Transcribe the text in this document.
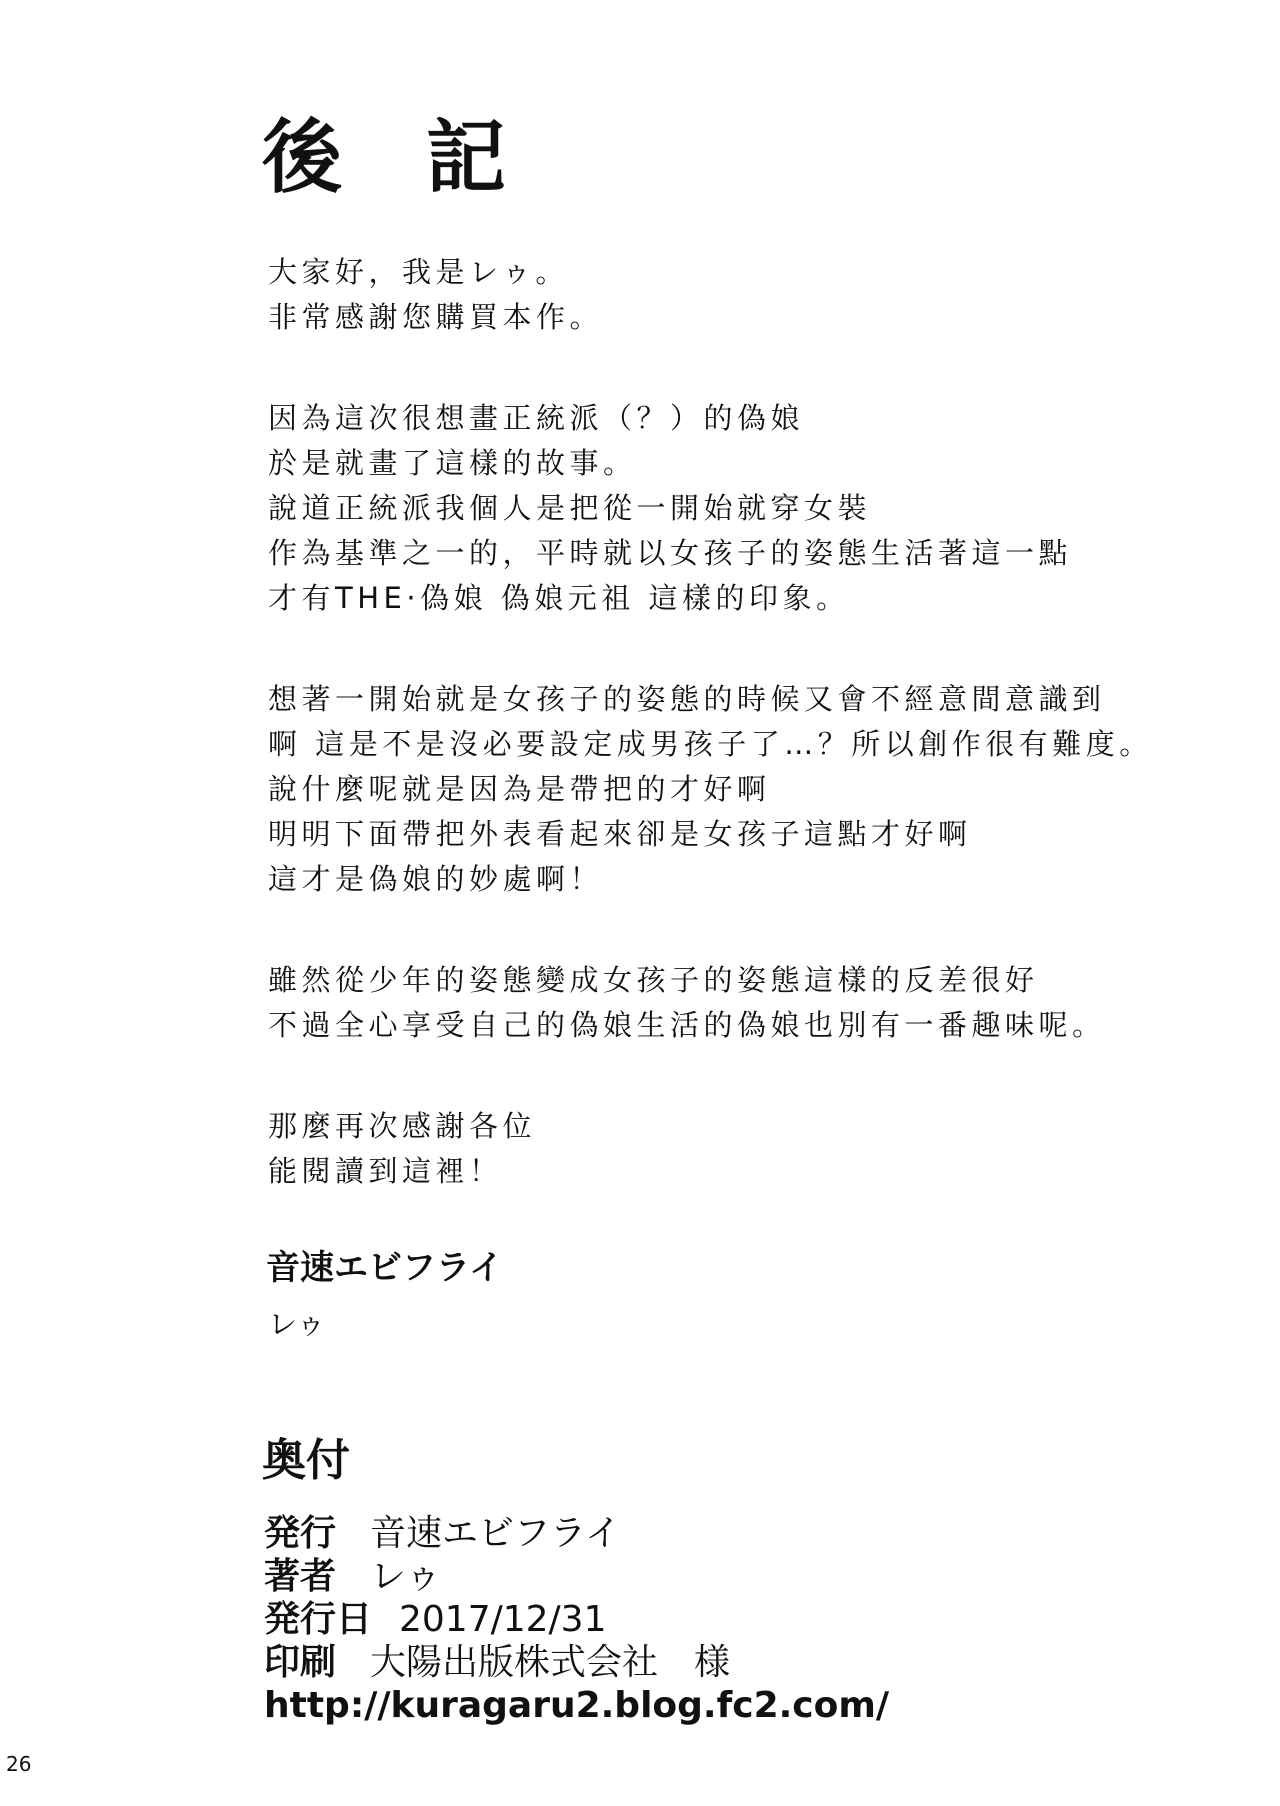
後 記
大家好，我是レゥ。
非常感謝您購買本作。
因為這次很想畫正統派（？）的偽娘
於是就畫了這樣的故事。
說道正統派我個人是把從一開始就穿女裝
作為基準之一的，平時就以女孩子的姿態生活著這一點
才有THE·偽娘 偽娘元祖 這樣的印象。
想著一開始就是女孩子的姿態的時候又會不經意間意識到
啊 這是不是沒必要設定成男孩子了…？所以創作很有難度。
說什麼呢就是因為是帶把的才好啊
明明下面帶把外表看起來卻是女孩子這點才好啊
這才是偽娘的妙處啊！
雖然從少年的姿態變成女孩子的姿態這樣的反差很好
不過全心享受自己的偽娘生活的偽娘也別有一番趣味呢。
那麼再次感謝各位
能閱讀到這裡！
音速エビフライ
レゥ
奥付
発行 音速エビフライ
著者 レゥ
発行日 2017/12/31
印刷 大陽出版株式会社　様
http://kuragaru2.blog.fc2.com/
26
